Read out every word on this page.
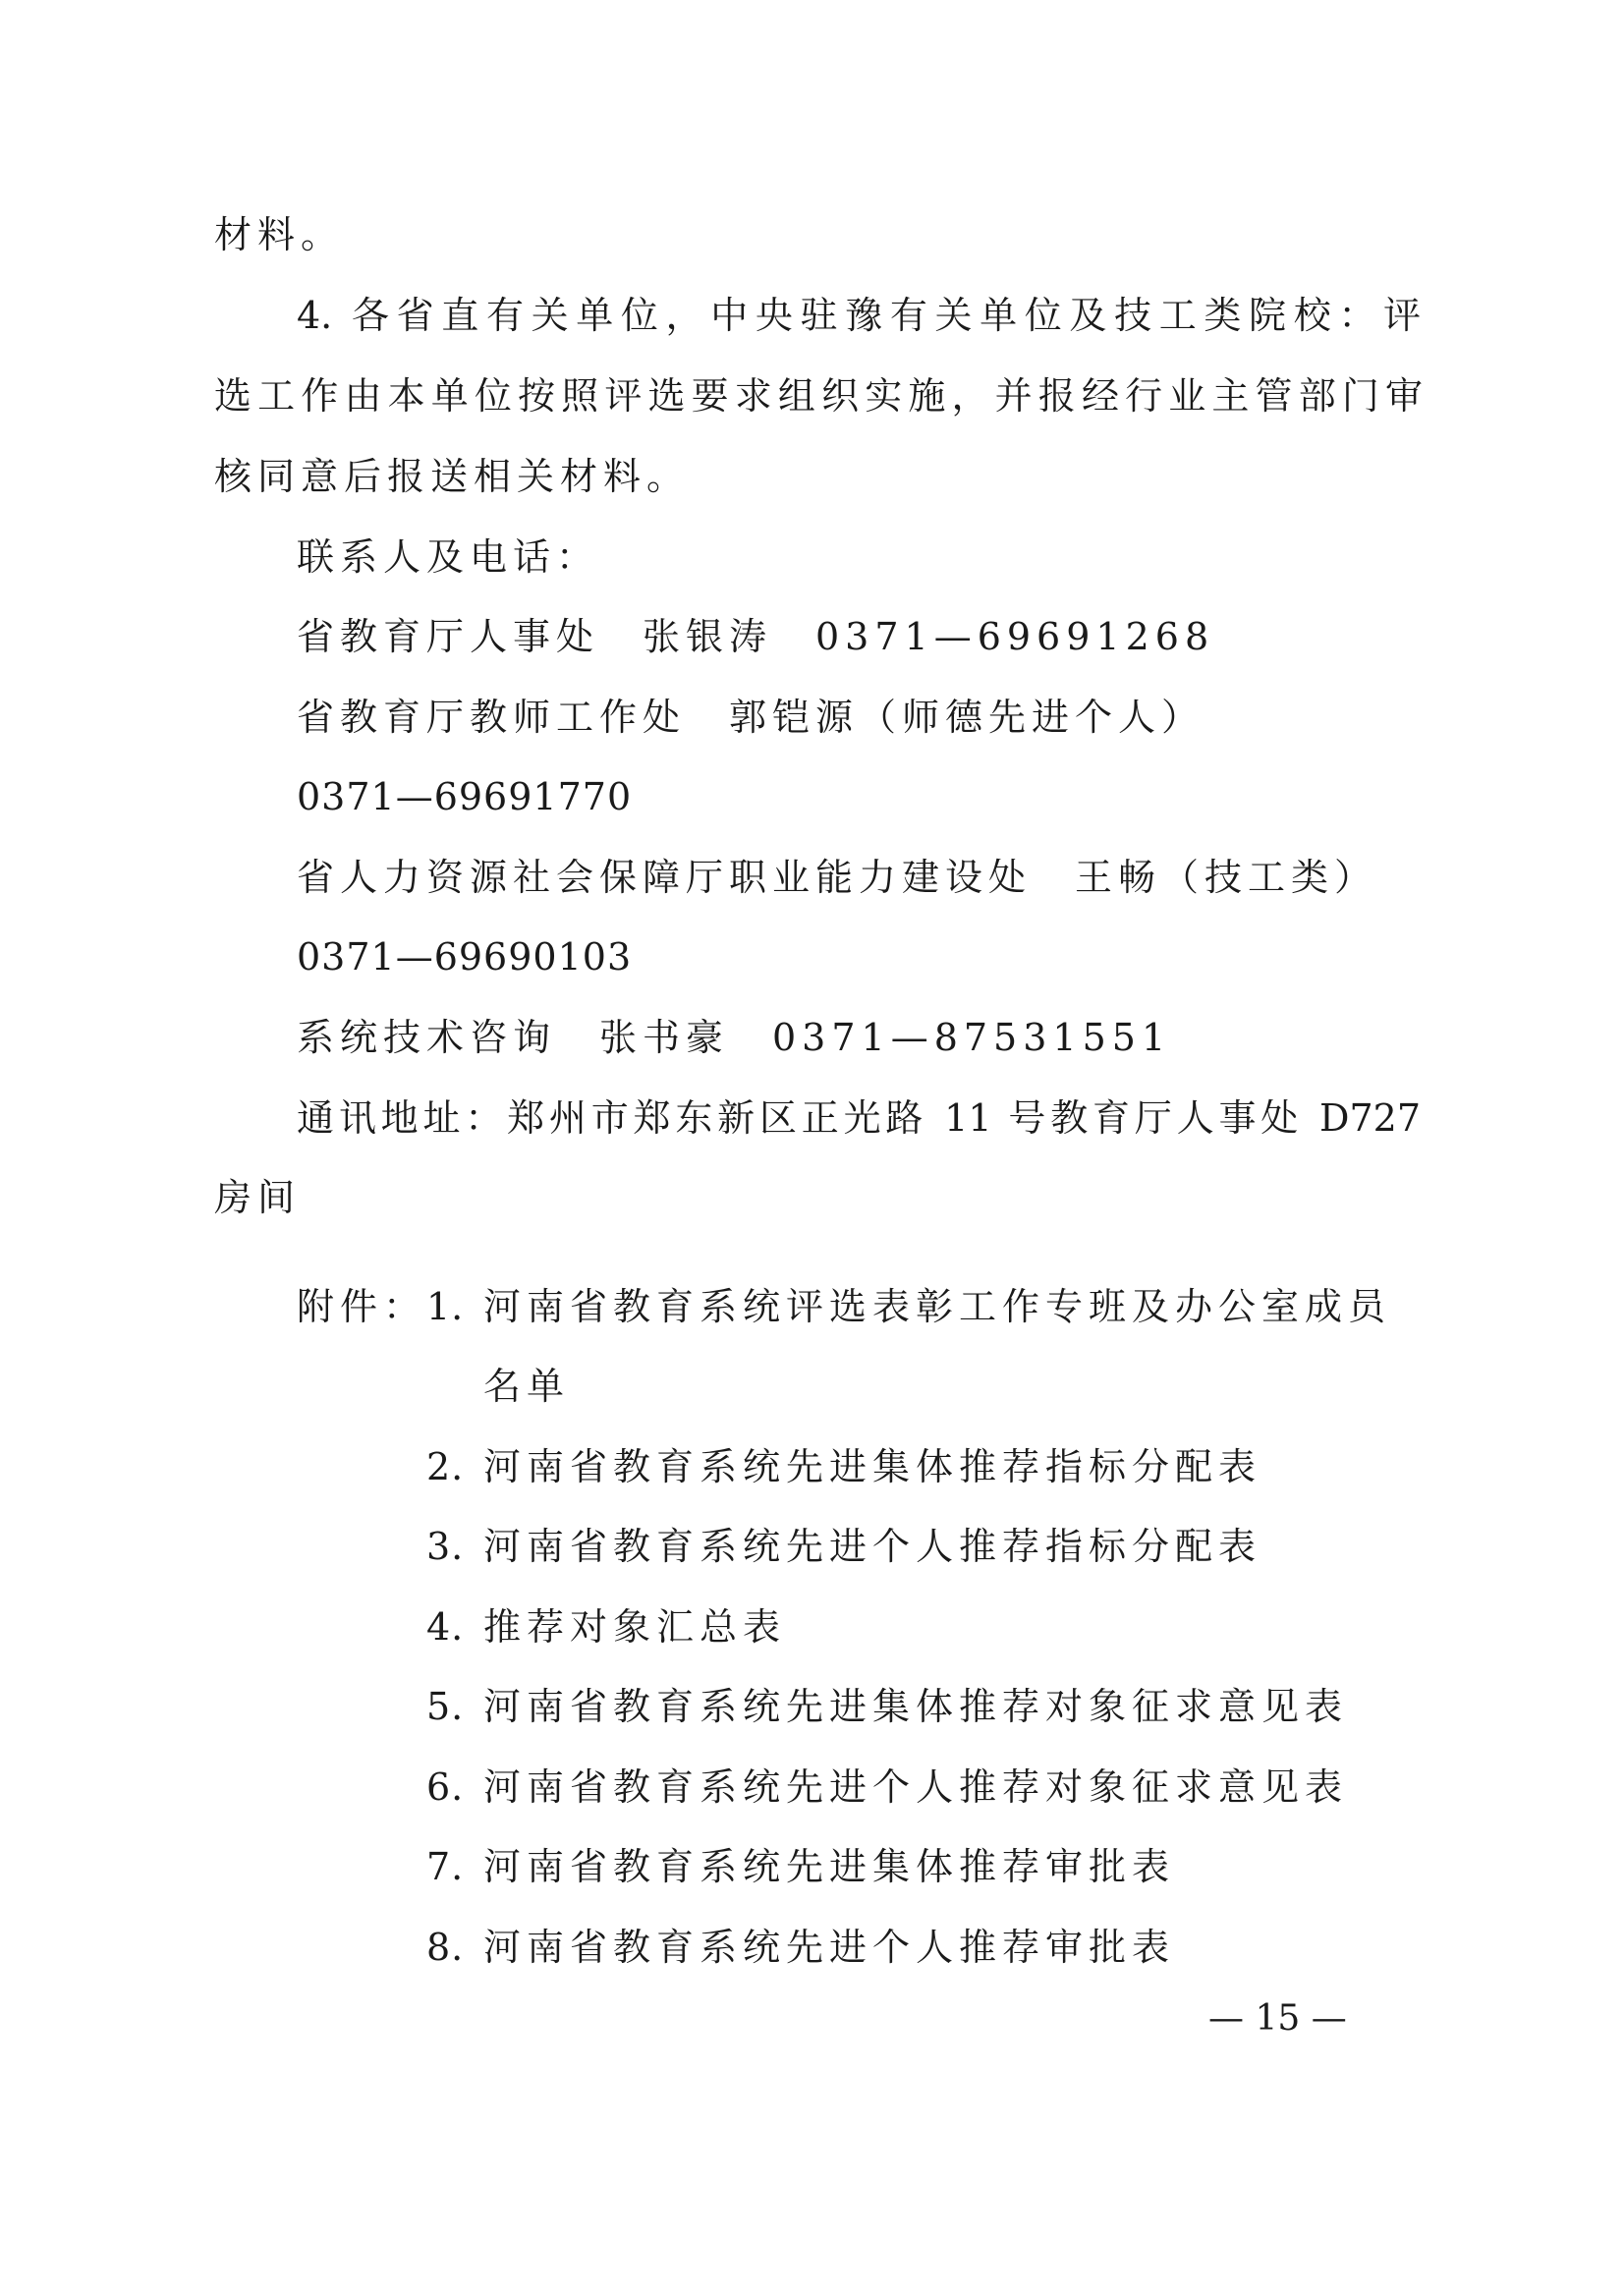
材料。
4. 各省直有关单位，中央驻豫有关单位及技工类院校：评
选工作由本单位按照评选要求组织实施，并报经行业主管部门审
核同意后报送相关材料。
联系人及电话：
省教育厅人事处　张银涛　0371—69691268
省教育厅教师工作处　郭铠源（师德先进个人）
0371—69691770
省人力资源社会保障厅职业能力建设处　王畅（技工类）
0371—69690103
系统技术咨询　张书豪　0371—87531551
通讯地址：郑州市郑东新区正光路 11 号教育厅人事处 D727
房间
附件： 1. 河南省教育系统评选表彰工作专班及办公室成员
名单
2. 河南省教育系统先进集体推荐指标分配表
3. 河南省教育系统先进个人推荐指标分配表
4. 推荐对象汇总表
5. 河南省教育系统先进集体推荐对象征求意见表
6. 河南省教育系统先进个人推荐对象征求意见表
7. 河南省教育系统先进集体推荐审批表
8. 河南省教育系统先进个人推荐审批表
— 15 —
